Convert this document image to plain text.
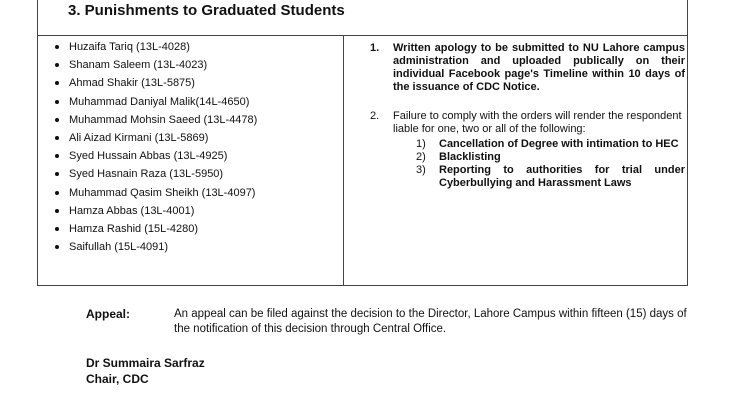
3. Punishments to Graduated Students
Huzaifa Tariq (13L-4028)
Shanam Saleem (13L-4023)
Ahmad Shakir (13L-5875)
Muhammad Daniyal Malik(14L-4650)
Muhammad Mohsin Saeed (13L-4478)
Ali Aizad Kirmani (13L-5869)
Syed Hussain Abbas (13L-4925)
Syed Hasnain Raza (13L-5950)
Muhammad Qasim Sheikh (13L-4097)
Hamza Abbas (13L-4001)
Hamza Rashid (15L-4280)
Saifullah (15L-4091)
1. Written apology to be submitted to NU Lahore campus administration and uploaded publically on their individual Facebook page's Timeline within 10 days of the issuance of CDC Notice.
2. Failure to comply with the orders will render the respondent liable for one, two or all of the following:
1) Cancellation of Degree with intimation to HEC
2) Blacklisting
3) Reporting to authorities for trial under Cyberbullying and Harassment Laws
Appeal:	An appeal can be filed against the decision to the Director, Lahore Campus within fifteen (15) days of the notification of this decision through Central Office.
Dr Summaira Sarfraz
Chair, CDC
